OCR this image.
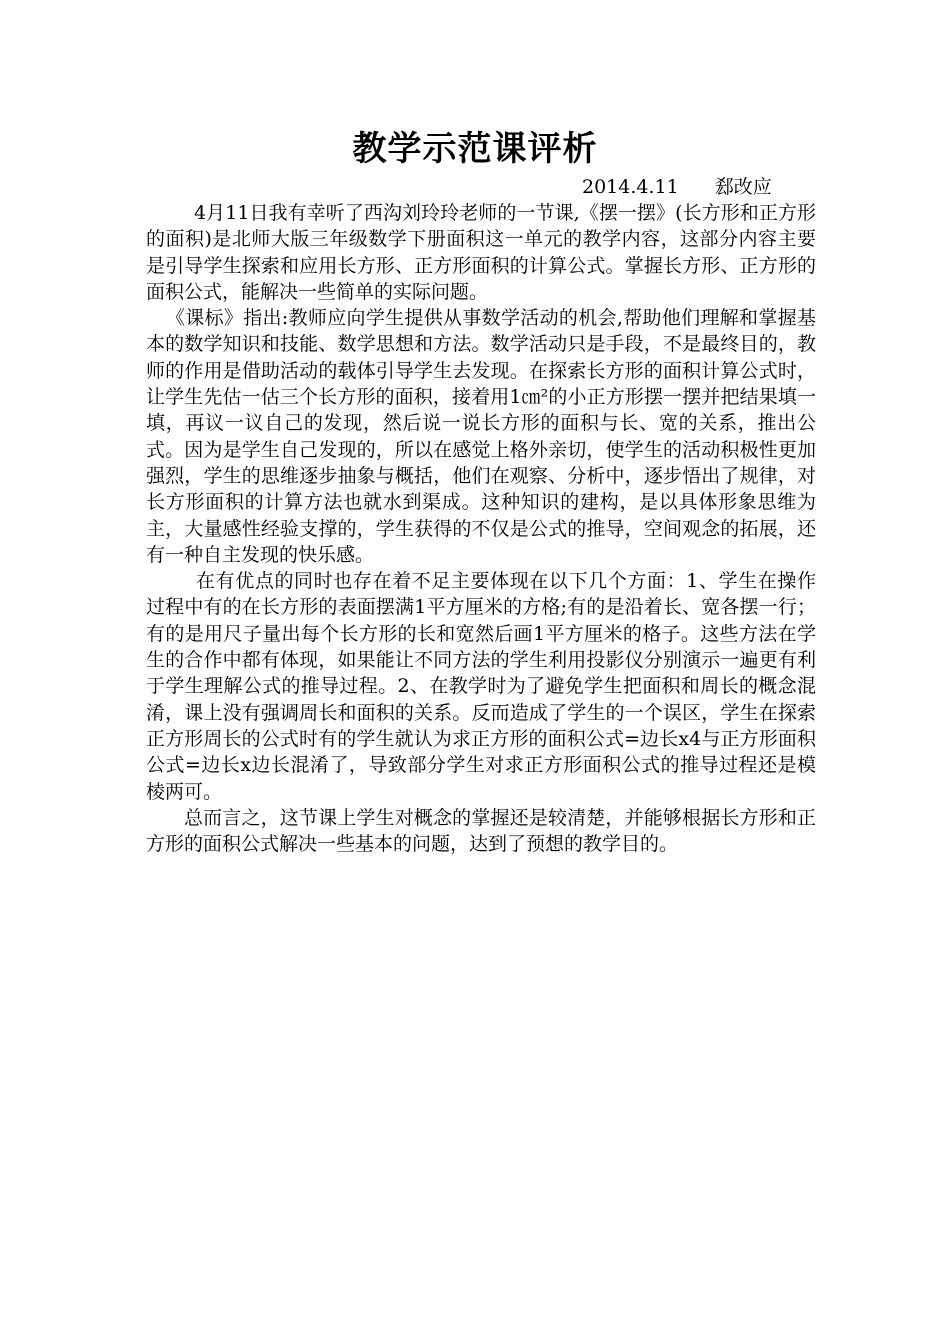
教学示范课评析
2014.4.11 郄改应

4月11日我有幸听了西沟刘玲玲老师的一节课,《摆一摆》(长方形和正方形的面积)是北师大版三年级数学下册面积这一单元的教学内容，这部分内容主要是引导学生探索和应用长方形、正方形面积的计算公式。掌握长方形、正方形的面积公式，能解决一些简单的实际问题。

《课标》指出:教师应向学生提供从事数学活动的机会,帮助他们理解和掌握基本的数学知识和技能、数学思想和方法。数学活动只是手段，不是最终目的，教师的作用是借助活动的载体引导学生去发现。在探索长方形的面积计算公式时，让学生先估一估三个长方形的面积，接着用1㎝²的小正方形摆一摆并把结果填一填，再议一议自己的发现，然后说一说长方形的面积与长、宽的关系，推出公式。因为是学生自己发现的，所以在感觉上格外亲切，使学生的活动积极性更加强烈，学生的思维逐步抽象与概括，他们在观察、分析中，逐步悟出了规律，对长方形面积的计算方法也就水到渠成。这种知识的建构，是以具体形象思维为主，大量感性经验支撑的，学生获得的不仅是公式的推导，空间观念的拓展，还有一种自主发现的快乐感。

在有优点的同时也存在着不足主要体现在以下几个方面：1、学生在操作过程中有的在长方形的表面摆满1平方厘米的方格;有的是沿着长、宽各摆一行；有的是用尺子量出每个长方形的长和宽然后画1平方厘米的格子。这些方法在学生的合作中都有体现，如果能让不同方法的学生利用投影仪分别演示一遍更有利于学生理解公式的推导过程。2、在教学时为了避免学生把面积和周长的概念混淆，课上没有强调周长和面积的关系。反而造成了学生的一个误区，学生在探索正方形周长的公式时有的学生就认为求正方形的面积公式=边长x4与正方形面积公式=边长x边长混淆了，导致部分学生对求正方形面积公式的推导过程还是模棱两可。

总而言之，这节课上学生对概念的掌握还是较清楚，并能够根据长方形和正方形的面积公式解决一些基本的问题，达到了预想的教学目的。
